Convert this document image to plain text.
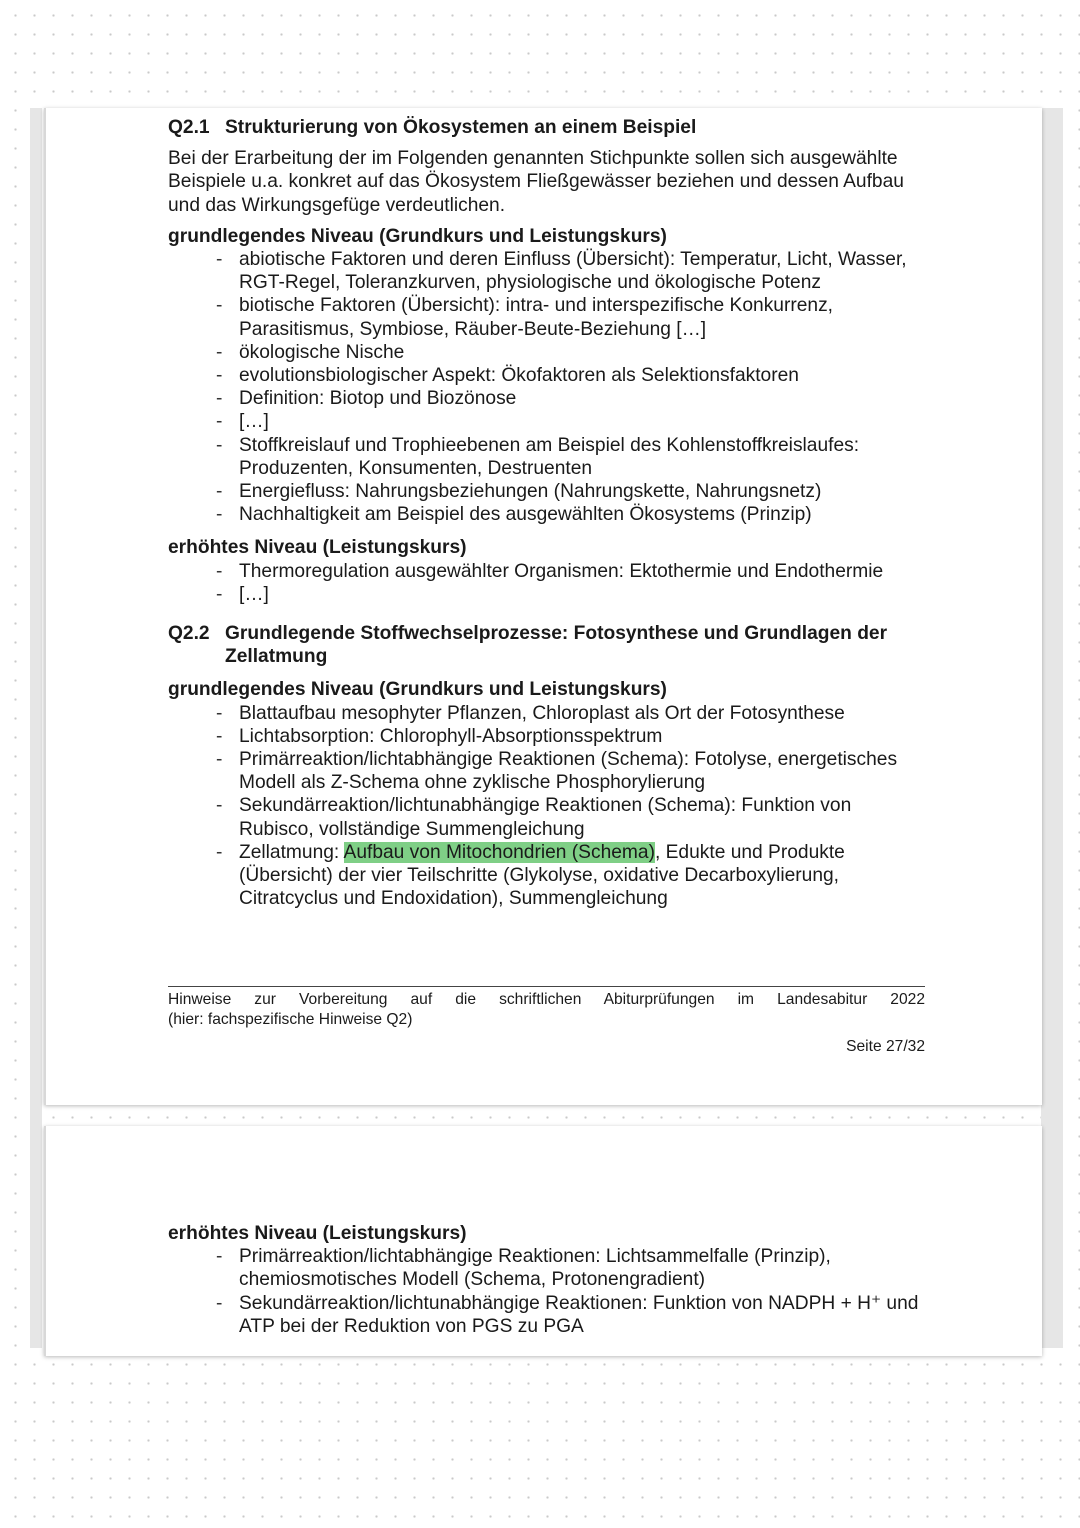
Q2.1 Strukturierung von Ökosystemen an einem Beispiel

Bei der Erarbeitung der im Folgenden genannten Stichpunkte sollen sich ausgewählte Beispiele u.a. konkret auf das Ökosystem Fließgewässer beziehen und dessen Aufbau und das Wirkungsgefüge verdeutlichen.

grundlegendes Niveau (Grundkurs und Leistungskurs)

- abiotische Faktoren und deren Einfluss (Übersicht): Temperatur, Licht, Wasser, RGT-Regel, Toleranzkurven, physiologische und ökologische Potenz
- biotische Faktoren (Übersicht): intra- und interspezifische Konkurrenz, Parasitismus, Symbiose, Räuber-Beute-Beziehung […]
- ökologische Nische
- evolutionsbiologischer Aspekt: Ökofaktoren als Selektionsfaktoren
- Definition: Biotop und Biozönose
- […]
- Stoffkreislauf und Trophieebenen am Beispiel des Kohlenstoffkreislaufes: Produzenten, Konsumenten, Destruenten
- Energiefluss: Nahrungsbeziehungen (Nahrungskette, Nahrungsnetz)
- Nachhaltigkeit am Beispiel des ausgewählten Ökosystems (Prinzip)

erhöhtes Niveau (Leistungskurs)

- Thermoregulation ausgewählter Organismen: Ektothermie und Endothermie
- […]
Q2.2 Grundlegende Stoffwechselprozesse: Fotosynthese und Grundlagen der Zellatmung

grundlegendes Niveau (Grundkurs und Leistungskurs)

- Blattaufbau mesophyter Pflanzen, Chloroplast als Ort der Fotosynthese
- Lichtabsorption: Chlorophyll-Absorptionsspektrum
- Primärreaktion/lichtabhängige Reaktionen (Schema): Fotolyse, energetisches Modell als Z-Schema ohne zyklische Phosphorylierung
- Sekundärreaktion/lichtunabhängige Reaktionen (Schema): Funktion von Rubisco, vollständige Summengleichung
- Zellatmung: Aufbau von Mitochondrien (Schema), Edukte und Produkte (Übersicht) der vier Teilschritte (Glykolyse, oxidative Decarboxylierung, Citratcyclus und Endoxidation), Summengleichung
Hinweise zur Vorbereitung auf die schriftlichen Abiturprüfungen im Landesabitur 2022
(hier: fachspezifische Hinweise Q2)
Seite 27/32

erhöhtes Niveau (Leistungskurs)

- Primärreaktion/lichtabhängige Reaktionen: Lichtsammelfalle (Prinzip), chemiosmotisches Modell (Schema, Protonengradient)
- Sekundärreaktion/lichtunabhängige Reaktionen: Funktion von NADPH + H⁺ und ATP bei der Reduktion von PGS zu PGA
